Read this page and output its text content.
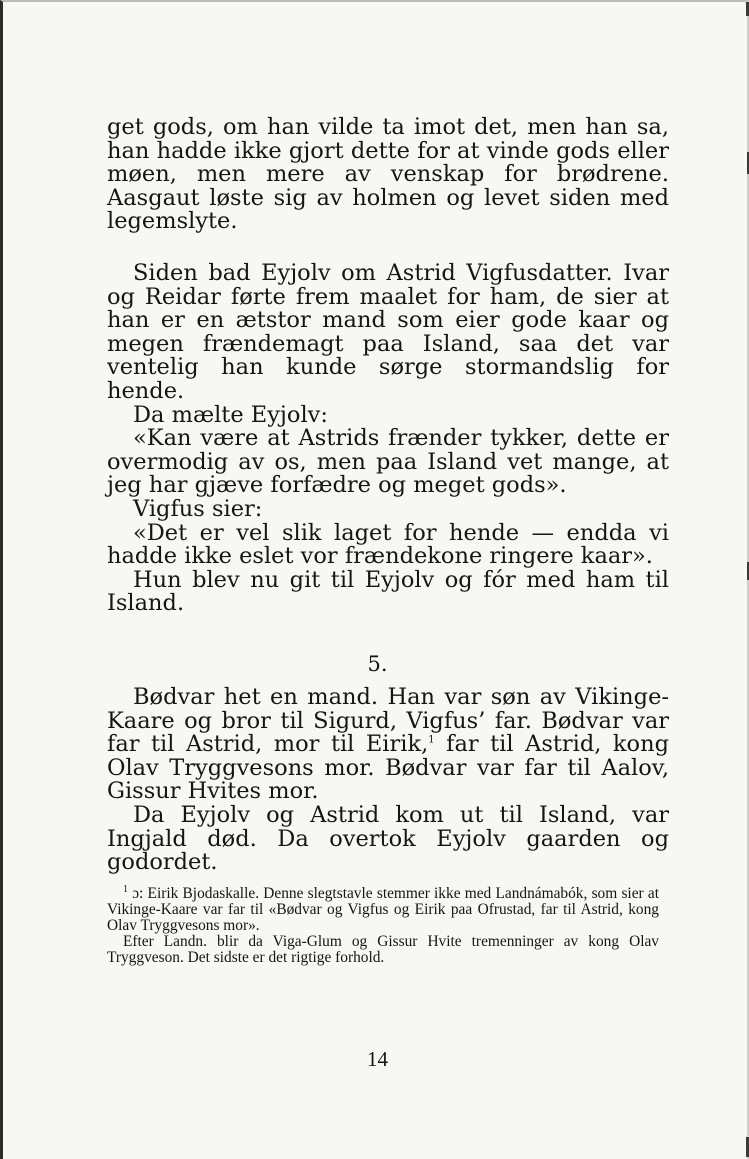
get gods, om han vilde ta imot det, men han sa, han hadde ikke gjort dette for at vinde gods eller møen, men mere av venskap for brødrene. Aasgaut løste sig av holmen og levet siden med legemslyte.

Siden bad Eyjolv om Astrid Vigfusdatter. Ivar og Reidar førte frem maalet for ham, de sier at han er en ætstor mand som eier gode kaar og megen frændemagt paa Island, saa det var ventelig han kunde sørge stormandslig for hende.

Da mælte Eyjolv:

«Kan være at Astrids frænder tykker, dette er overmodig av os, men paa Island vet mange, at jeg har gjæve forfædre og meget gods».

Vigfus sier:

«Det er vel slik laget for hende — endda vi hadde ikke eslet vor frændekone ringere kaar».

Hun blev nu git til Eyjolv og fór med ham til Island.

5.

Bødvar het en mand. Han var søn av Vikinge-Kaare og bror til Sigurd, Vigfus’ far. Bødvar var far til Astrid, mor til Eirik,$^1$ far til Astrid, kong Olav Tryggvesons mor. Bødvar var far til Aalov, Gissur Hvites mor.

Da Eyjolv og Astrid kom ut til Island, var Ingjald død. Da overtok Eyjolv gaarden og godordet.

$^1$ ɔ: Eirik Bjodaskalle. Denne slegtstavle stemmer ikke med Landnámabók, som sier at Vikinge-Kaare var far til «Bødvar og Vigfus og Eirik paa Ofrustad, far til Astrid, kong Olav Tryggvesons mor».

Efter Landn. blir da Viga-Glum og Gissur Hvite tremenninger av kong Olav Tryggveson. Det sidste er det rigtige forhold.

14
